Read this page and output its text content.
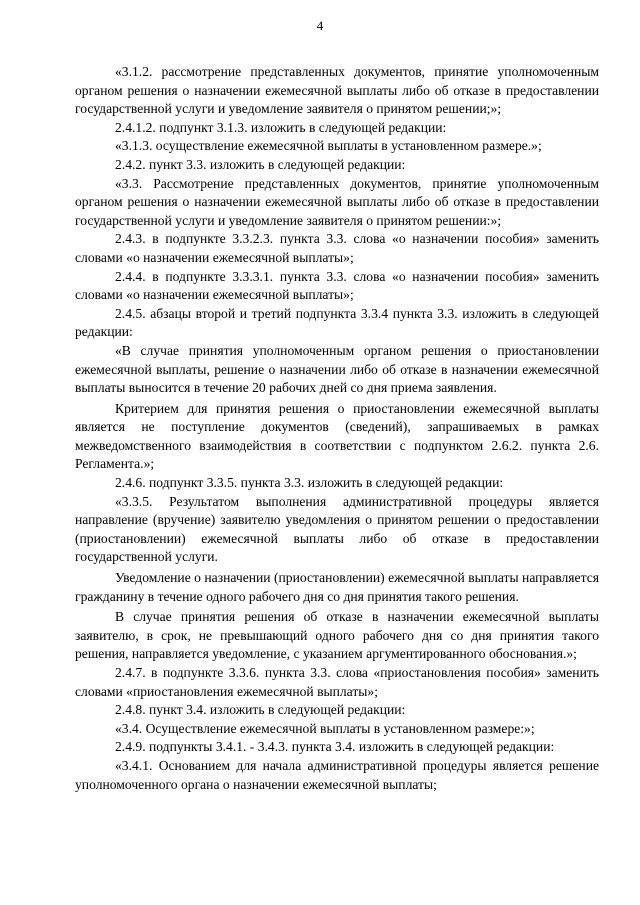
4

«3.1.2. рассмотрение представленных документов, принятие уполномоченным органом решения о назначении ежемесячной выплаты либо об отказе в предоставлении государственной услуги и уведомление заявителя о принятом решении;»;

2.4.1.2. подпункт 3.1.3. изложить в следующей редакции:

«3.1.3. осуществление ежемесячной выплаты в установленном размере.»;

2.4.2. пункт 3.3. изложить в следующей редакции:

«3.3. Рассмотрение представленных документов, принятие уполномоченным органом решения о назначении ежемесячной выплаты либо об отказе в предоставлении государственной услуги и уведомление заявителя о принятом решении:»;

2.4.3. в подпункте 3.3.2.3. пункта 3.3. слова «о назначении пособия» заменить словами «о назначении ежемесячной выплаты»;

2.4.4. в подпункте 3.3.3.1. пункта 3.3. слова «о назначении пособия» заменить словами «о назначении ежемесячной выплаты»;

2.4.5. абзацы второй и третий подпункта 3.3.4 пункта 3.3. изложить в следующей редакции:

«В случае принятия уполномоченным органом решения о приостановлении ежемесячной выплаты, решение о назначении либо об отказе в назначении ежемесячной выплаты выносится в течение 20 рабочих дней со дня приема заявления.

Критерием для принятия решения о приостановлении ежемесячной выплаты является не поступление документов (сведений), запрашиваемых в рамках межведомственного взаимодействия в соответствии с подпунктом 2.6.2. пункта 2.6. Регламента.»;

2.4.6. подпункт 3.3.5. пункта 3.3. изложить в следующей редакции:

«3.3.5. Результатом выполнения административной процедуры является направление (вручение) заявителю уведомления о принятом решении о предоставлении (приостановлении) ежемесячной выплаты либо об отказе в предоставлении государственной услуги.

Уведомление о назначении (приостановлении) ежемесячной выплаты направляется гражданину в течение одного рабочего дня со дня принятия такого решения.

В случае принятия решения об отказе в назначении ежемесячной выплаты заявителю, в срок, не превышающий одного рабочего дня со дня принятия такого решения, направляется уведомление, с указанием аргументированного обоснования.»;

2.4.7. в подпункте 3.3.6. пункта 3.3. слова «приостановления пособия» заменить словами «приостановления ежемесячной выплаты»;

2.4.8. пункт 3.4. изложить в следующей редакции:

«3.4. Осуществление ежемесячной выплаты в установленном размере:»;

2.4.9. подпункты 3.4.1. - 3.4.3. пункта 3.4. изложить в следующей редакции:

«3.4.1. Основанием для начала административной процедуры является решение уполномоченного органа о назначении ежемесячной выплаты;
